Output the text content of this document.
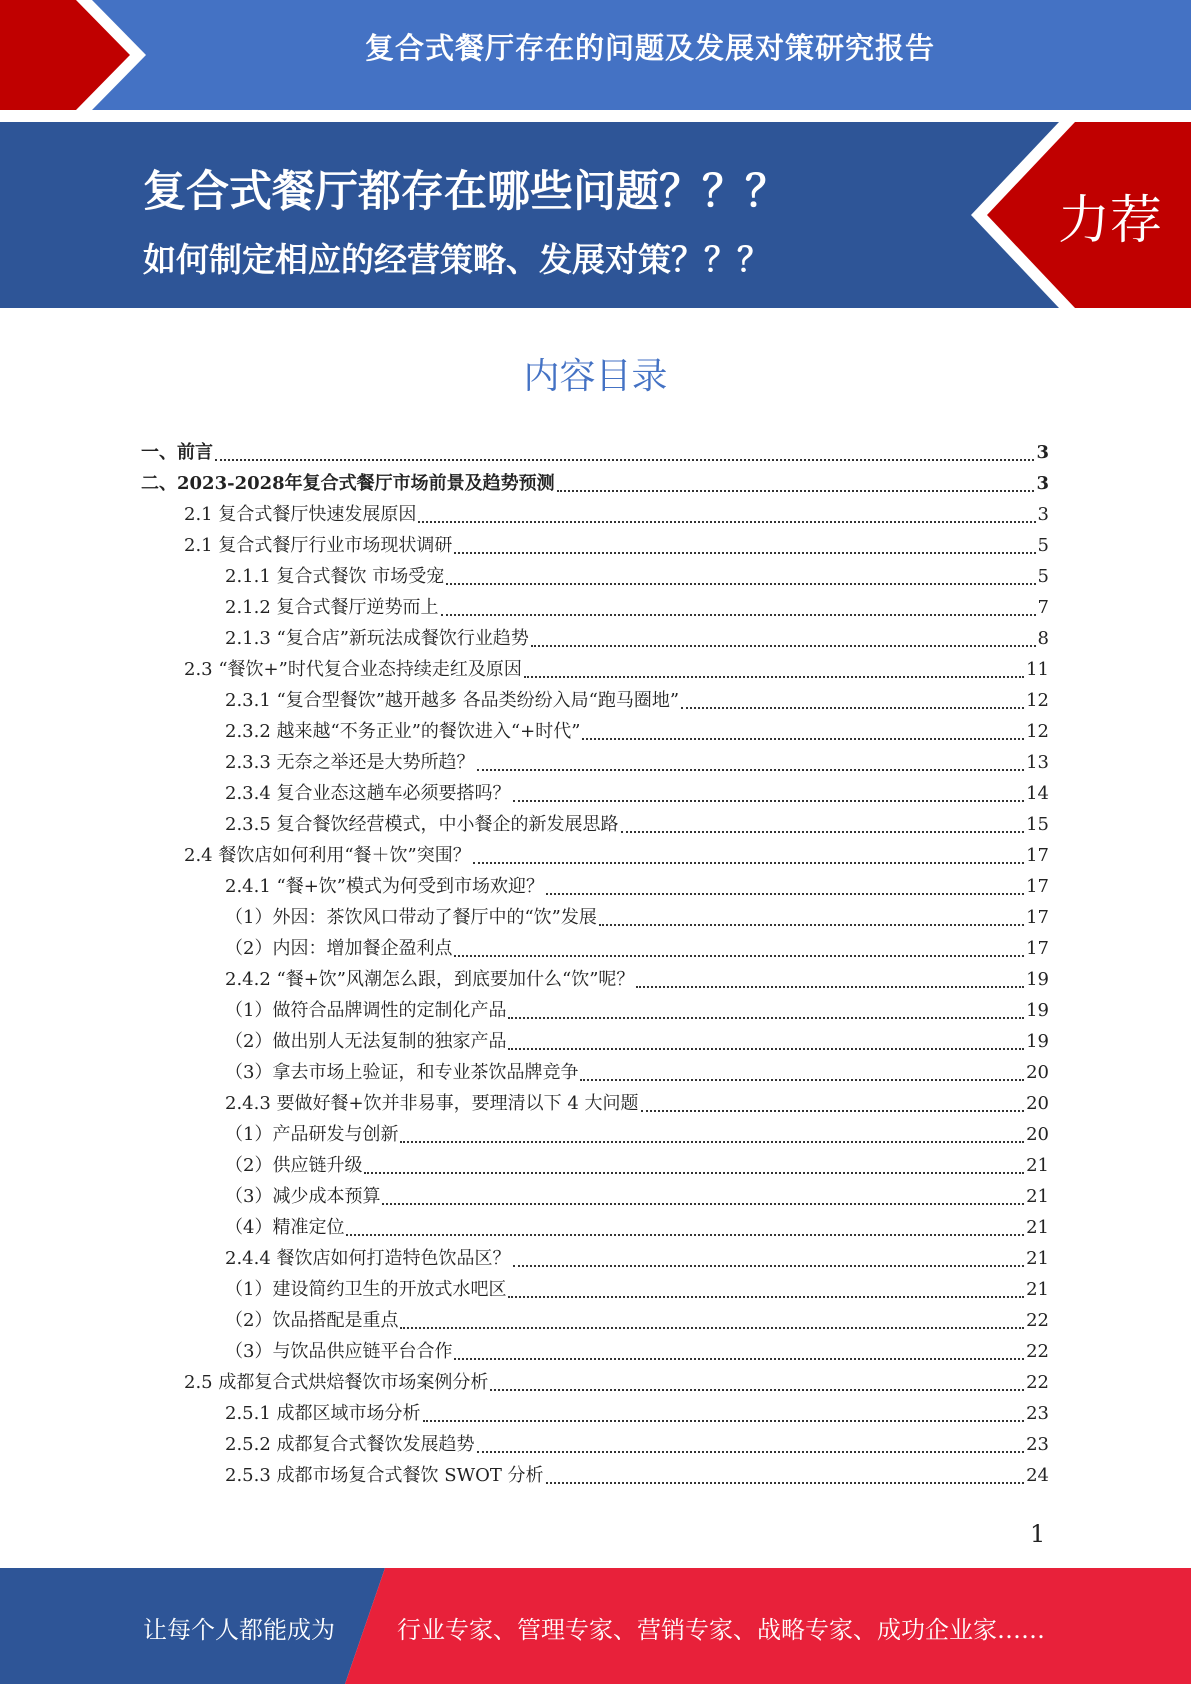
复合式餐厅存在的问题及发展对策研究报告
复合式餐厅都存在哪些问题？？？
如何制定相应的经营策略、发展对策？？？
力荐
内容目录
一、前言	3
二、2023-2028年复合式餐厅市场前景及趋势预测	3
2.1 复合式餐厅快速发展原因	3
2.1 复合式餐厅行业市场现状调研	5
2.1.1 复合式餐饮 市场受宠	5
2.1.2 复合式餐厅逆势而上	7
2.1.3 “复合店”新玩法成餐饮行业趋势	8
2.3 “餐饮+”时代复合业态持续走红及原因	11
2.3.1 “复合型餐饮”越开越多 各品类纷纷入局“跑马圈地”	12
2.3.2 越来越“不务正业”的餐饮进入“+时代”	12
2.3.3 无奈之举还是大势所趋？	13
2.3.4 复合业态这趟车必须要搭吗？	14
2.3.5 复合餐饮经营模式，中小餐企的新发展思路	15
2.4 餐饮店如何利用“餐＋饮”突围？	17
2.4.1 “餐+饮”模式为何受到市场欢迎？	17
（1）外因：茶饮风口带动了餐厅中的“饮”发展	17
（2）内因：增加餐企盈利点	17
2.4.2 “餐+饮”风潮怎么跟，到底要加什么“饮”呢？	19
（1）做符合品牌调性的定制化产品	19
（2）做出别人无法复制的独家产品	19
（3）拿去市场上验证，和专业茶饮品牌竞争	20
2.4.3 要做好餐+饮并非易事，要理清以下 4 大问题	20
（1）产品研发与创新	20
（2）供应链升级	21
（3）减少成本预算	21
（4）精准定位	21
2.4.4 餐饮店如何打造特色饮品区？	21
（1）建设简约卫生的开放式水吧区	21
（2）饮品搭配是重点	22
（3）与饮品供应链平台合作	22
2.5 成都复合式烘焙餐饮市场案例分析	22
2.5.1 成都区域市场分析	23
2.5.2 成都复合式餐饮发展趋势	23
2.5.3 成都市场复合式餐饮 SWOT 分析	24
1
让每个人都能成为	行业专家、管理专家、营销专家、战略专家、成功企业家……
